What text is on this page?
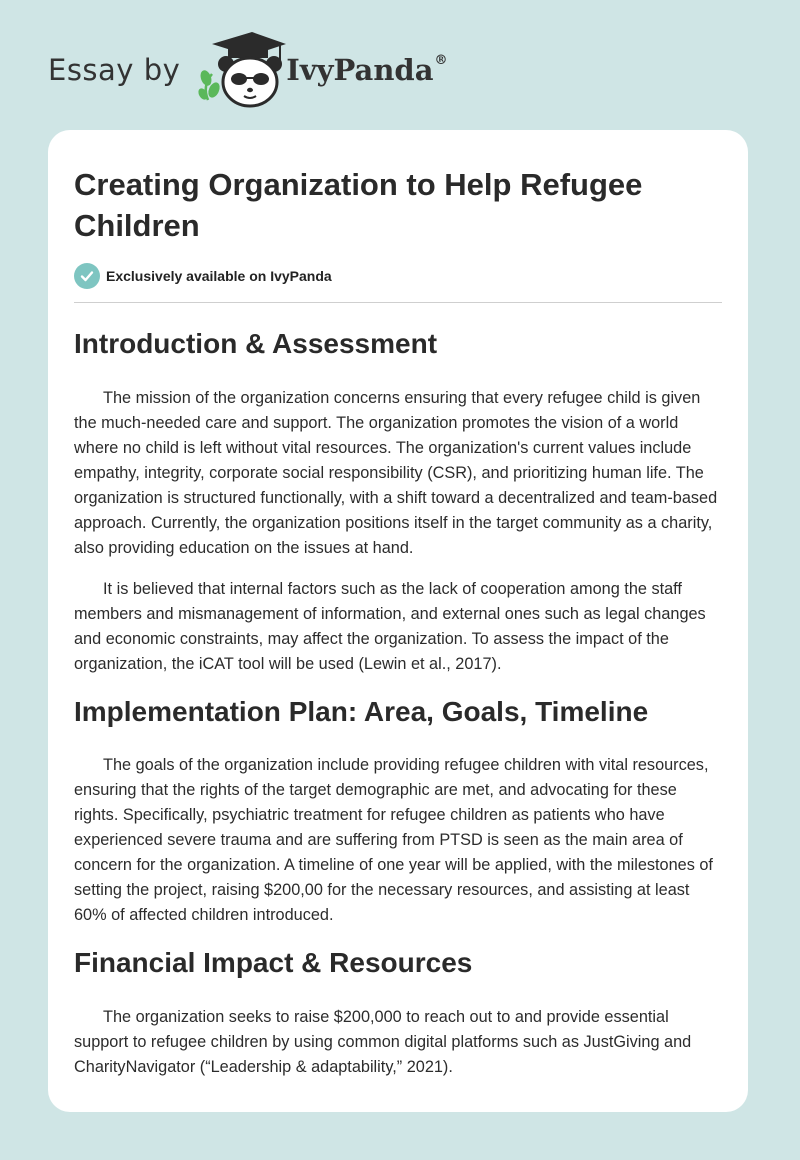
Essay by	IvyPanda®
Creating Organization to Help Refugee Children
Exclusively available on IvyPanda
Introduction & Assessment

The mission of the organization concerns ensuring that every refugee child is given the much-needed care and support. The organization promotes the vision of a world where no child is left without vital resources. The organization's current values include empathy, integrity, corporate social responsibility (CSR), and prioritizing human life. The organization is structured functionally, with a shift toward a decentralized and team-based approach. Currently, the organization positions itself in the target community as a charity, also providing education on the issues at hand.

It is believed that internal factors such as the lack of cooperation among the staff members and mismanagement of information, and external ones such as legal changes and economic constraints, may affect the organization. To assess the impact of the organization, the iCAT tool will be used (Lewin et al., 2017).

Implementation Plan: Area, Goals, Timeline

The goals of the organization include providing refugee children with vital resources, ensuring that the rights of the target demographic are met, and advocating for these rights. Specifically, psychiatric treatment for refugee children as patients who have experienced severe trauma and are suffering from PTSD is seen as the main area of concern for the organization. A timeline of one year will be applied, with the milestones of setting the project, raising $200,00 for the necessary resources, and assisting at least 60% of affected children introduced.

Financial Impact & Resources

The organization seeks to raise $200,000 to reach out to and provide essential support to refugee children by using common digital platforms such as JustGiving and CharityNavigator (“Leadership & adaptability,” 2021).
